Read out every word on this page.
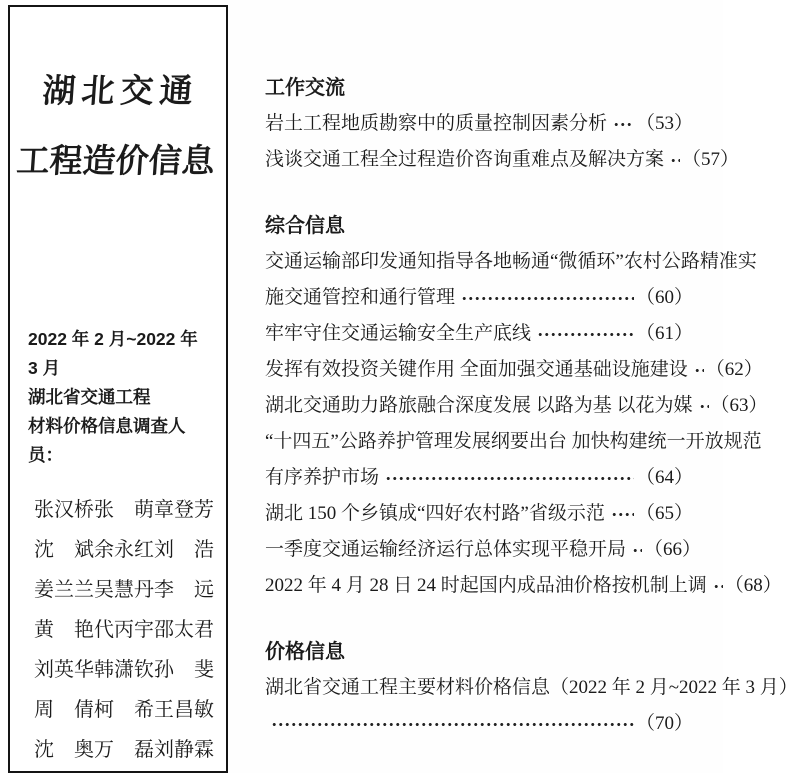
湖北交通
工程造价信息
2022 年 2 月~2022 年 3 月
湖北省交通工程
材料价格信息调查人员：
张汉桥 张　萌 章登芳
沈　斌 余永红 刘　浩
姜兰兰 吴慧丹 李　远
黄　艳 代丙宇 邵太君
刘英华 韩潇钦 孙　斐
周　倩 柯　希 王昌敏
沈　奥 万　磊 刘静霖
工作交流
岩土工程地质勘察中的质量控制因素分析 （53）
浅谈交通工程全过程造价咨询重难点及解决方案 （57）
综合信息
交通运输部印发通知指导各地畅通“微循环”农村公路精准实
施交通管控和通行管理	（60）
牢牢守住交通运输安全生产底线	（61）
发挥有效投资关键作用 全面加强交通基础设施建设 （62）
湖北交通助力路旅融合深度发展 以路为基 以花为媒 （63）
“十四五”公路养护管理发展纲要出台 加快构建统一开放规范
有序养护市场	（64）
湖北 150 个乡镇成“四好农村路”省级示范 （65）
一季度交通运输经济运行总体实现平稳开局 （66）
2022 年 4 月 28 日 24 时起国内成品油价格按机制上调 （68）
价格信息
湖北省交通工程主要材料价格信息（2022 年 2 月~2022 年 3 月）
（70）
